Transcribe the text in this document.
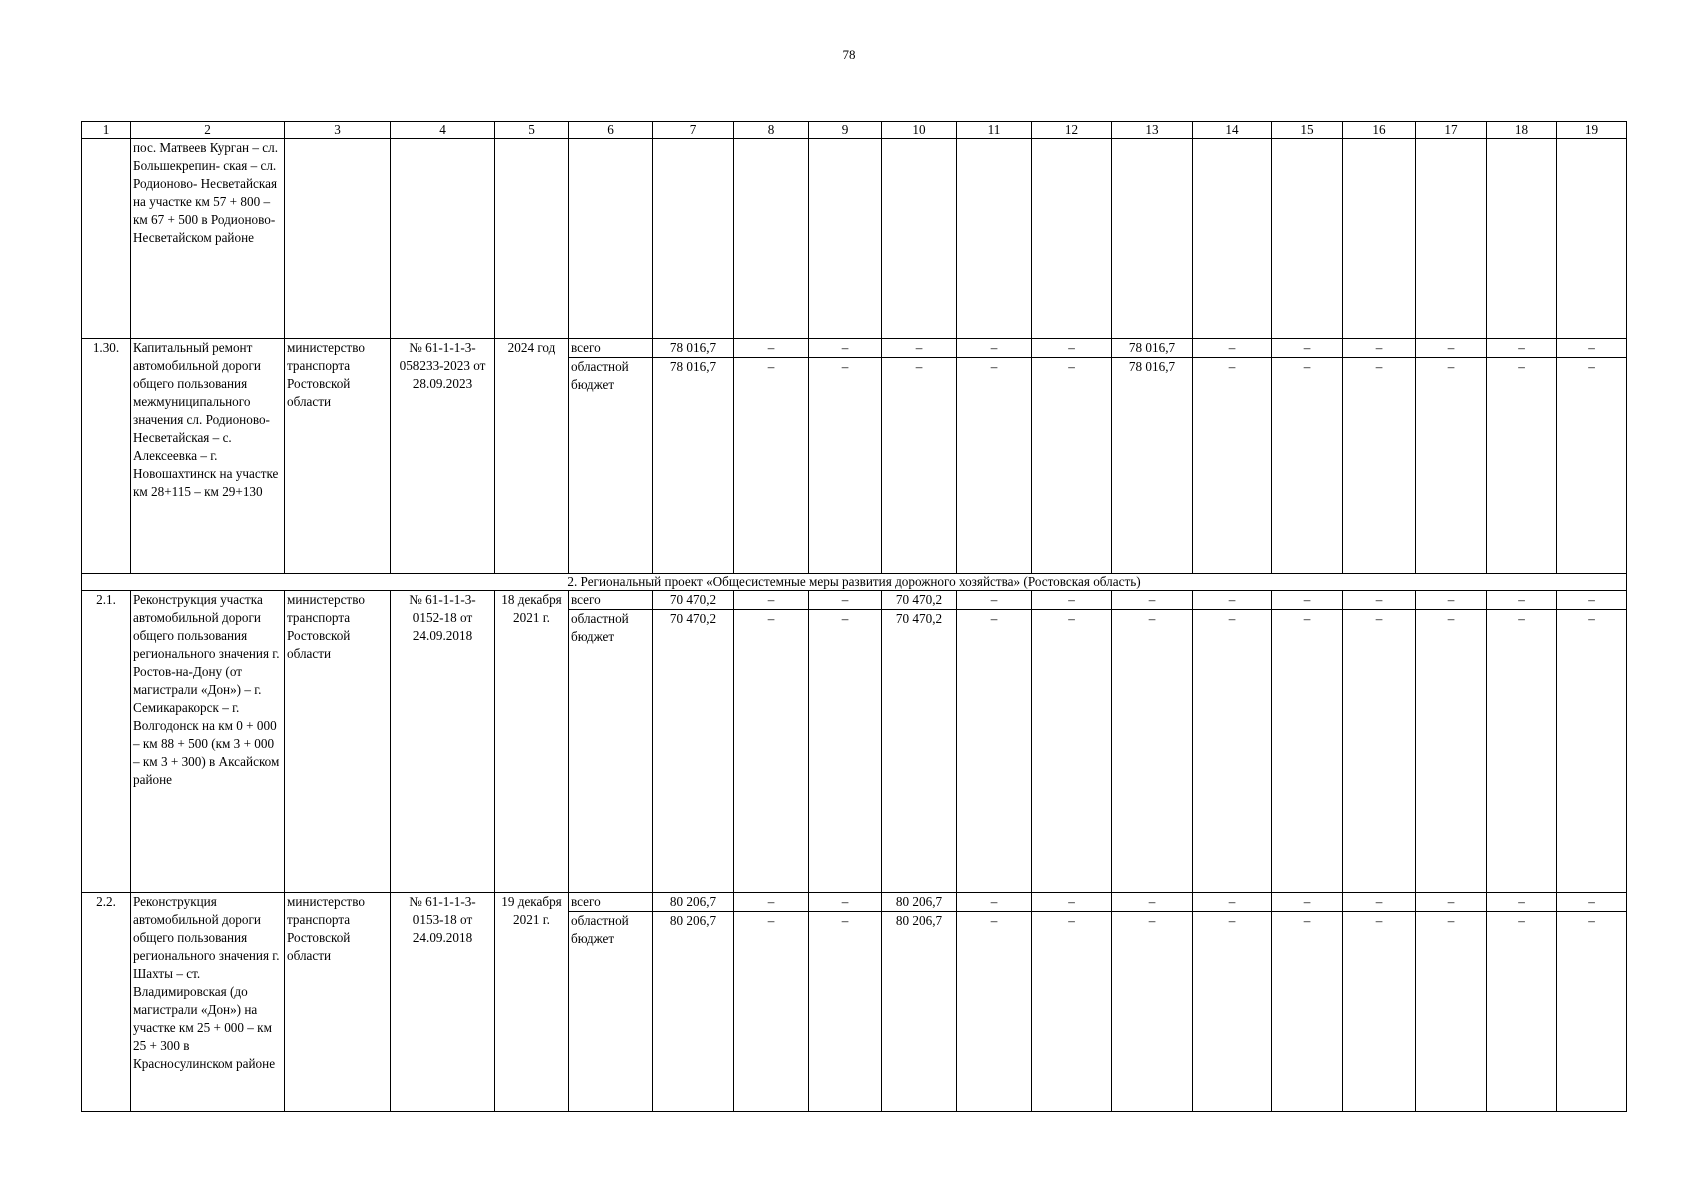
78
1	2	3	4	5	6	7	8	9	10	11	12	13	14	15	16	17	18	19
	пос. Матвеев Курган – сл. Большекрепин- ская – сл. Родионово- Несветайская на участке км 57 + 800 – км 67 + 500 в Родионово- Несветайском районе																	
1.30.	Капитальный ремонт автомобильной дороги общего пользования межмуниципального значения сл. Родионово- Несветайская – с. Алексеевка – г. Новошахтинск на участке км 28+115 – км 29+130	министерство транспорта Ростовской области	№ 61-1-1-3- 058233-2023 от 28.09.2023	2024 год	всего	78 016,7	–	–	–	–	–	78 016,7	–	–	–	–	–	–
					областной бюджет	78 016,7	–	–	–	–	–	78 016,7	–	–	–	–	–	–
2. Региональный проект «Общесистемные меры развития дорожного хозяйства» (Ростовская область)																		
2.1.	Реконструкция участка автомобильной дороги общего пользования регионального значения г. Ростов-на-Дону (от магистрали «Дон») – г. Семикаракорск – г. Волгодонск на км 0 + 000 – км 88 + 500 (км 3 + 000 – км 3 + 300) в Аксайском районе	министерство транспорта Ростовской области	№ 61-1-1-3- 0152-18 от 24.09.2018	18 декабря 2021 г.	всего	70 470,2	–	–	70 470,2	–	–	–	–	–	–	–	–	–
					областной бюджет	70 470,2	–	–	70 470,2	–	–	–	–	–	–	–	–	–
2.2.	Реконструкция автомобильной дороги общего пользования регионального значения г. Шахты – ст. Владимировская (до магистрали «Дон») на участке км 25 + 000 – км 25 + 300 в Красносулинском районе	министерство транспорта Ростовской области	№ 61-1-1-3- 0153-18 от 24.09.2018	19 декабря 2021 г.	всего	80 206,7	–	–	80 206,7	–	–	–	–	–	–	–	–	–
					областной бюджет	80 206,7	–	–	80 206,7	–	–	–	–	–	–	–	–	–
